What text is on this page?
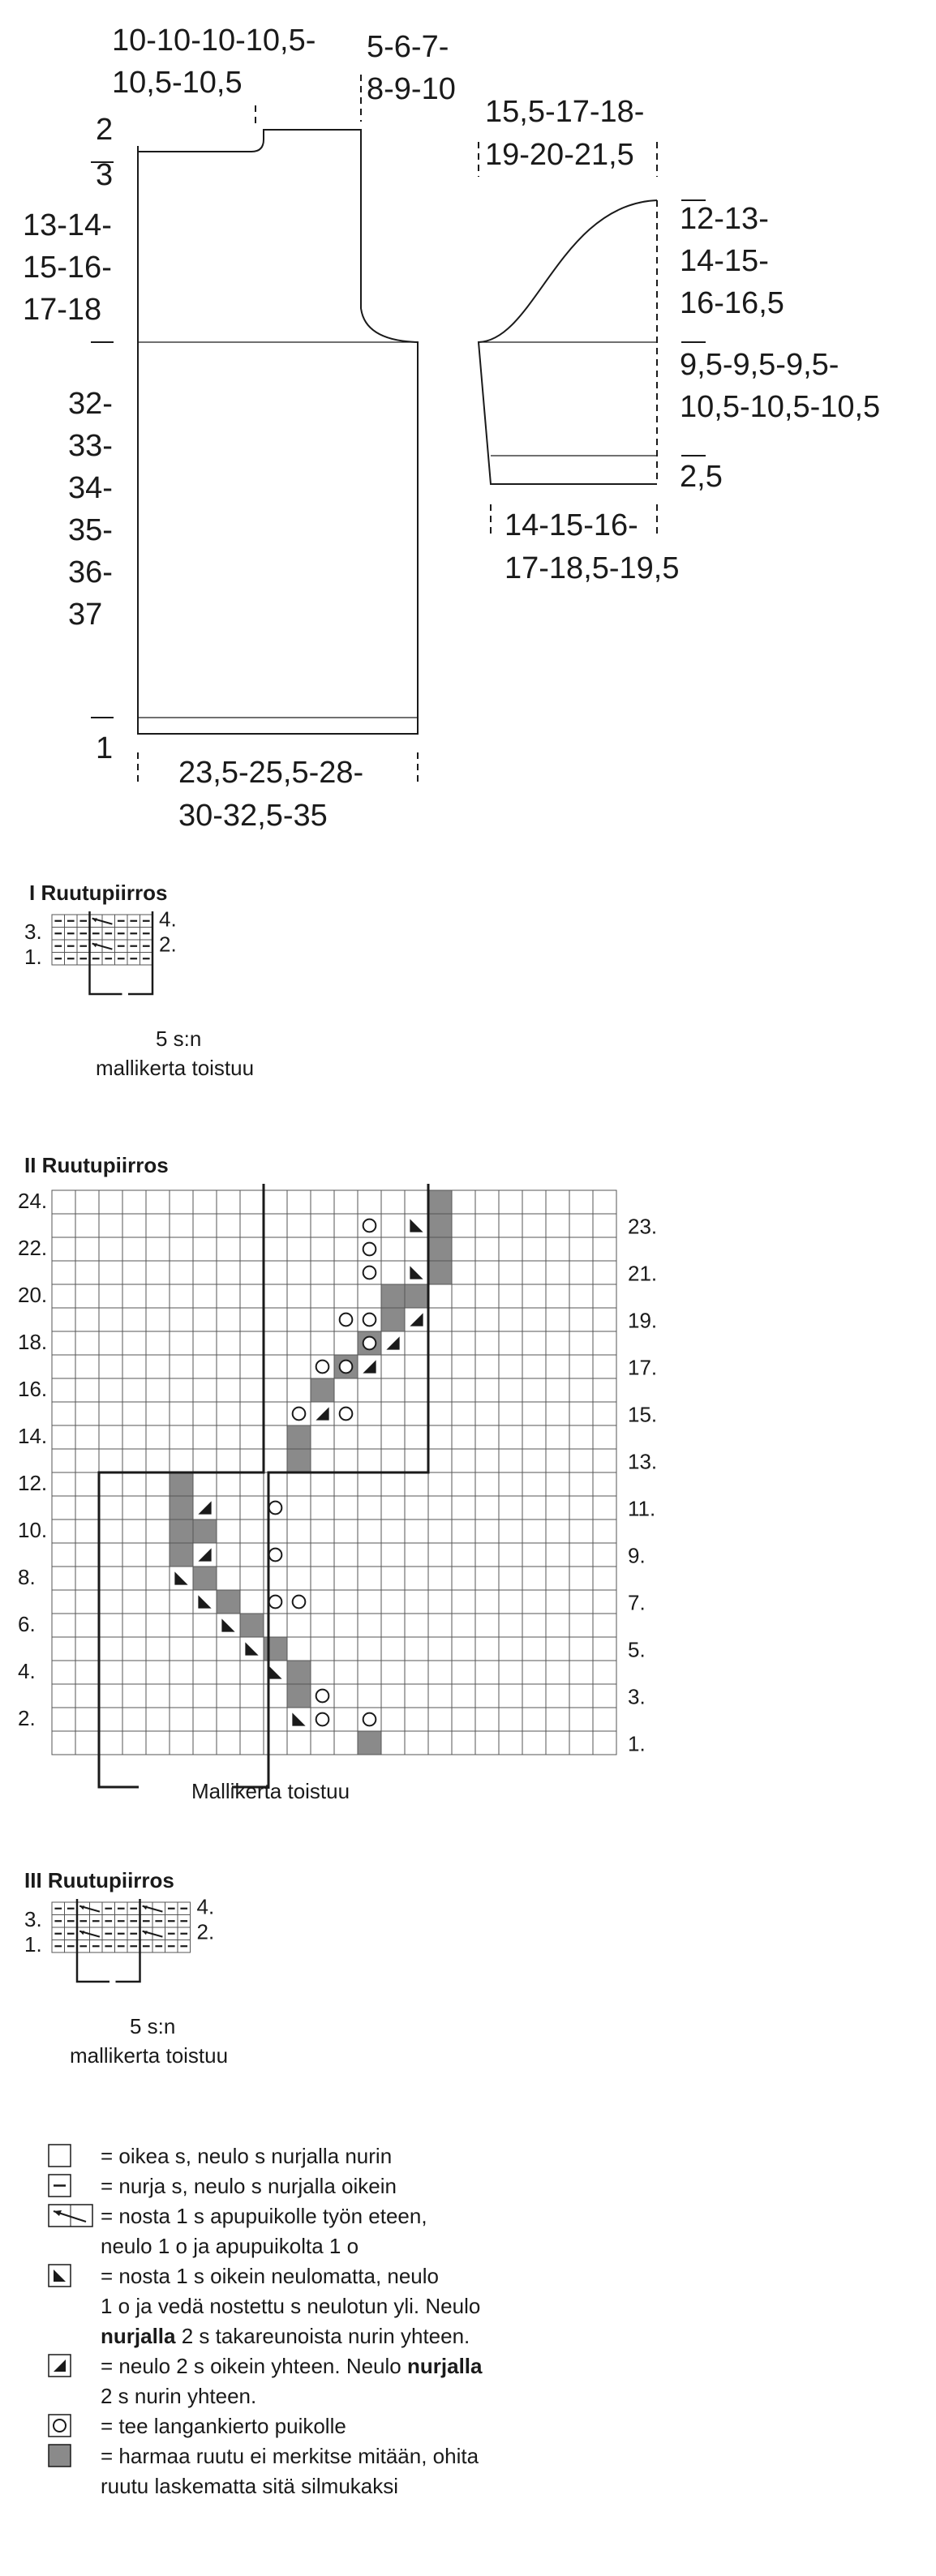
10-10-10-10,5-
10,5-10,5
5-6-7-
8-9-10
2
3
13-14-
15-16-
17-18
32-
33-
34-
35-
36-
37
1
23,5-25,5-28-
30-32,5-35
15,5-17-18-
19-20-21,5
12-13-
14-15-
16-16,5
9,5-9,5-9,5-
10,5-10,5-10,5
2,5
14-15-16-
17-18,5-19,5
I Ruutupiirros
3.
1.
4.
2.
5 s:n
mallikerta toistuu
II Ruutupiirros
24.
22.
20.
18.
16.
14.
12.
10.
8.
6.
4.
2.
23.
21.
19.
17.
15.
13.
11.
9.
7.
5.
3.
1.
Mallikerta toistuu
III Ruutupiirros
3.
1.
4.
2.
5 s:n
mallikerta toistuu
= oikea s, neulo s nurjalla nurin
= nurja s, neulo s nurjalla oikein
= nosta 1 s apupuikolle työn eteen,
neulo 1 o ja apupuikolta 1 o
= nosta 1 s oikein neulomatta, neulo
1 o ja vedä nostettu s neulotun yli. Neulo
nurjalla 2 s takareunoista nurin yhteen.
= neulo 2 s oikein yhteen. Neulo nurjalla
2 s nurin yhteen.
= tee langankierto puikolle
= harmaa ruutu ei merkitse mitään, ohita
ruutu laskematta sitä silmukaksi
